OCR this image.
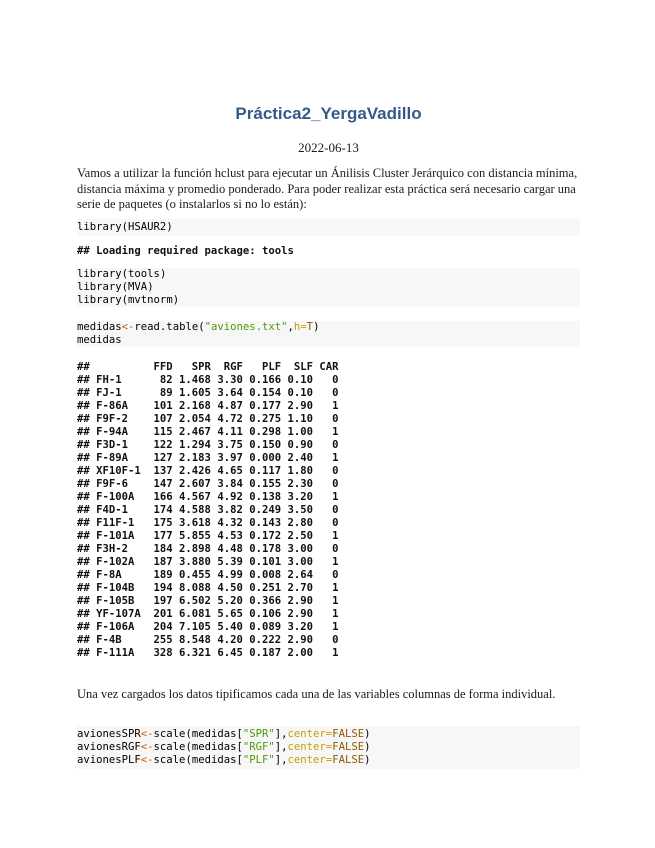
Práctica2_YergaVadillo
2022-06-13

Vamos a utilizar la función hclust para ejecutar un Ánilisis Cluster Jerárquico con distancia mínima, distancia máxima y promedio ponderado. Para poder realizar esta práctica será necesario cargar una serie de paquetes (o instalarlos si no lo están):

library(HSAUR2)
## Loading required package: tools
library(tools)
library(MVA)
library(mvtnorm)
medidas<-read.table("aviones.txt",h=T)
medidas
##          FFD   SPR  RGF   PLF  SLF CAR
## FH-1      82 1.468 3.30 0.166 0.10   0
## FJ-1      89 1.605 3.64 0.154 0.10   0
## F-86A    101 2.168 4.87 0.177 2.90   1
## F9F-2    107 2.054 4.72 0.275 1.10   0
## F-94A    115 2.467 4.11 0.298 1.00   1
## F3D-1    122 1.294 3.75 0.150 0.90   0
## F-89A    127 2.183 3.97 0.000 2.40   1
## XF10F-1  137 2.426 4.65 0.117 1.80   0
## F9F-6    147 2.607 3.84 0.155 2.30   0
## F-100A   166 4.567 4.92 0.138 3.20   1
## F4D-1    174 4.588 3.82 0.249 3.50   0
## F11F-1   175 3.618 4.32 0.143 2.80   0
## F-101A   177 5.855 4.53 0.172 2.50   1
## F3H-2    184 2.898 4.48 0.178 3.00   0
## F-102A   187 3.880 5.39 0.101 3.00   1
## F-8A     189 0.455 4.99 0.008 2.64   0
## F-104B   194 8.088 4.50 0.251 2.70   1
## F-105B   197 6.502 5.20 0.366 2.90   1
## YF-107A  201 6.081 5.65 0.106 2.90   1
## F-106A   204 7.105 5.40 0.089 3.20   1
## F-4B     255 8.548 4.20 0.222 2.90   0
## F-111A   328 6.321 6.45 0.187 2.00   1

Una vez cargados los datos tipificamos cada una de las variables columnas de forma individual.

avionesSPR<-scale(medidas["SPR"],center=FALSE)
avionesRGF<-scale(medidas["RGF"],center=FALSE)
avionesPLF<-scale(medidas["PLF"],center=FALSE)
